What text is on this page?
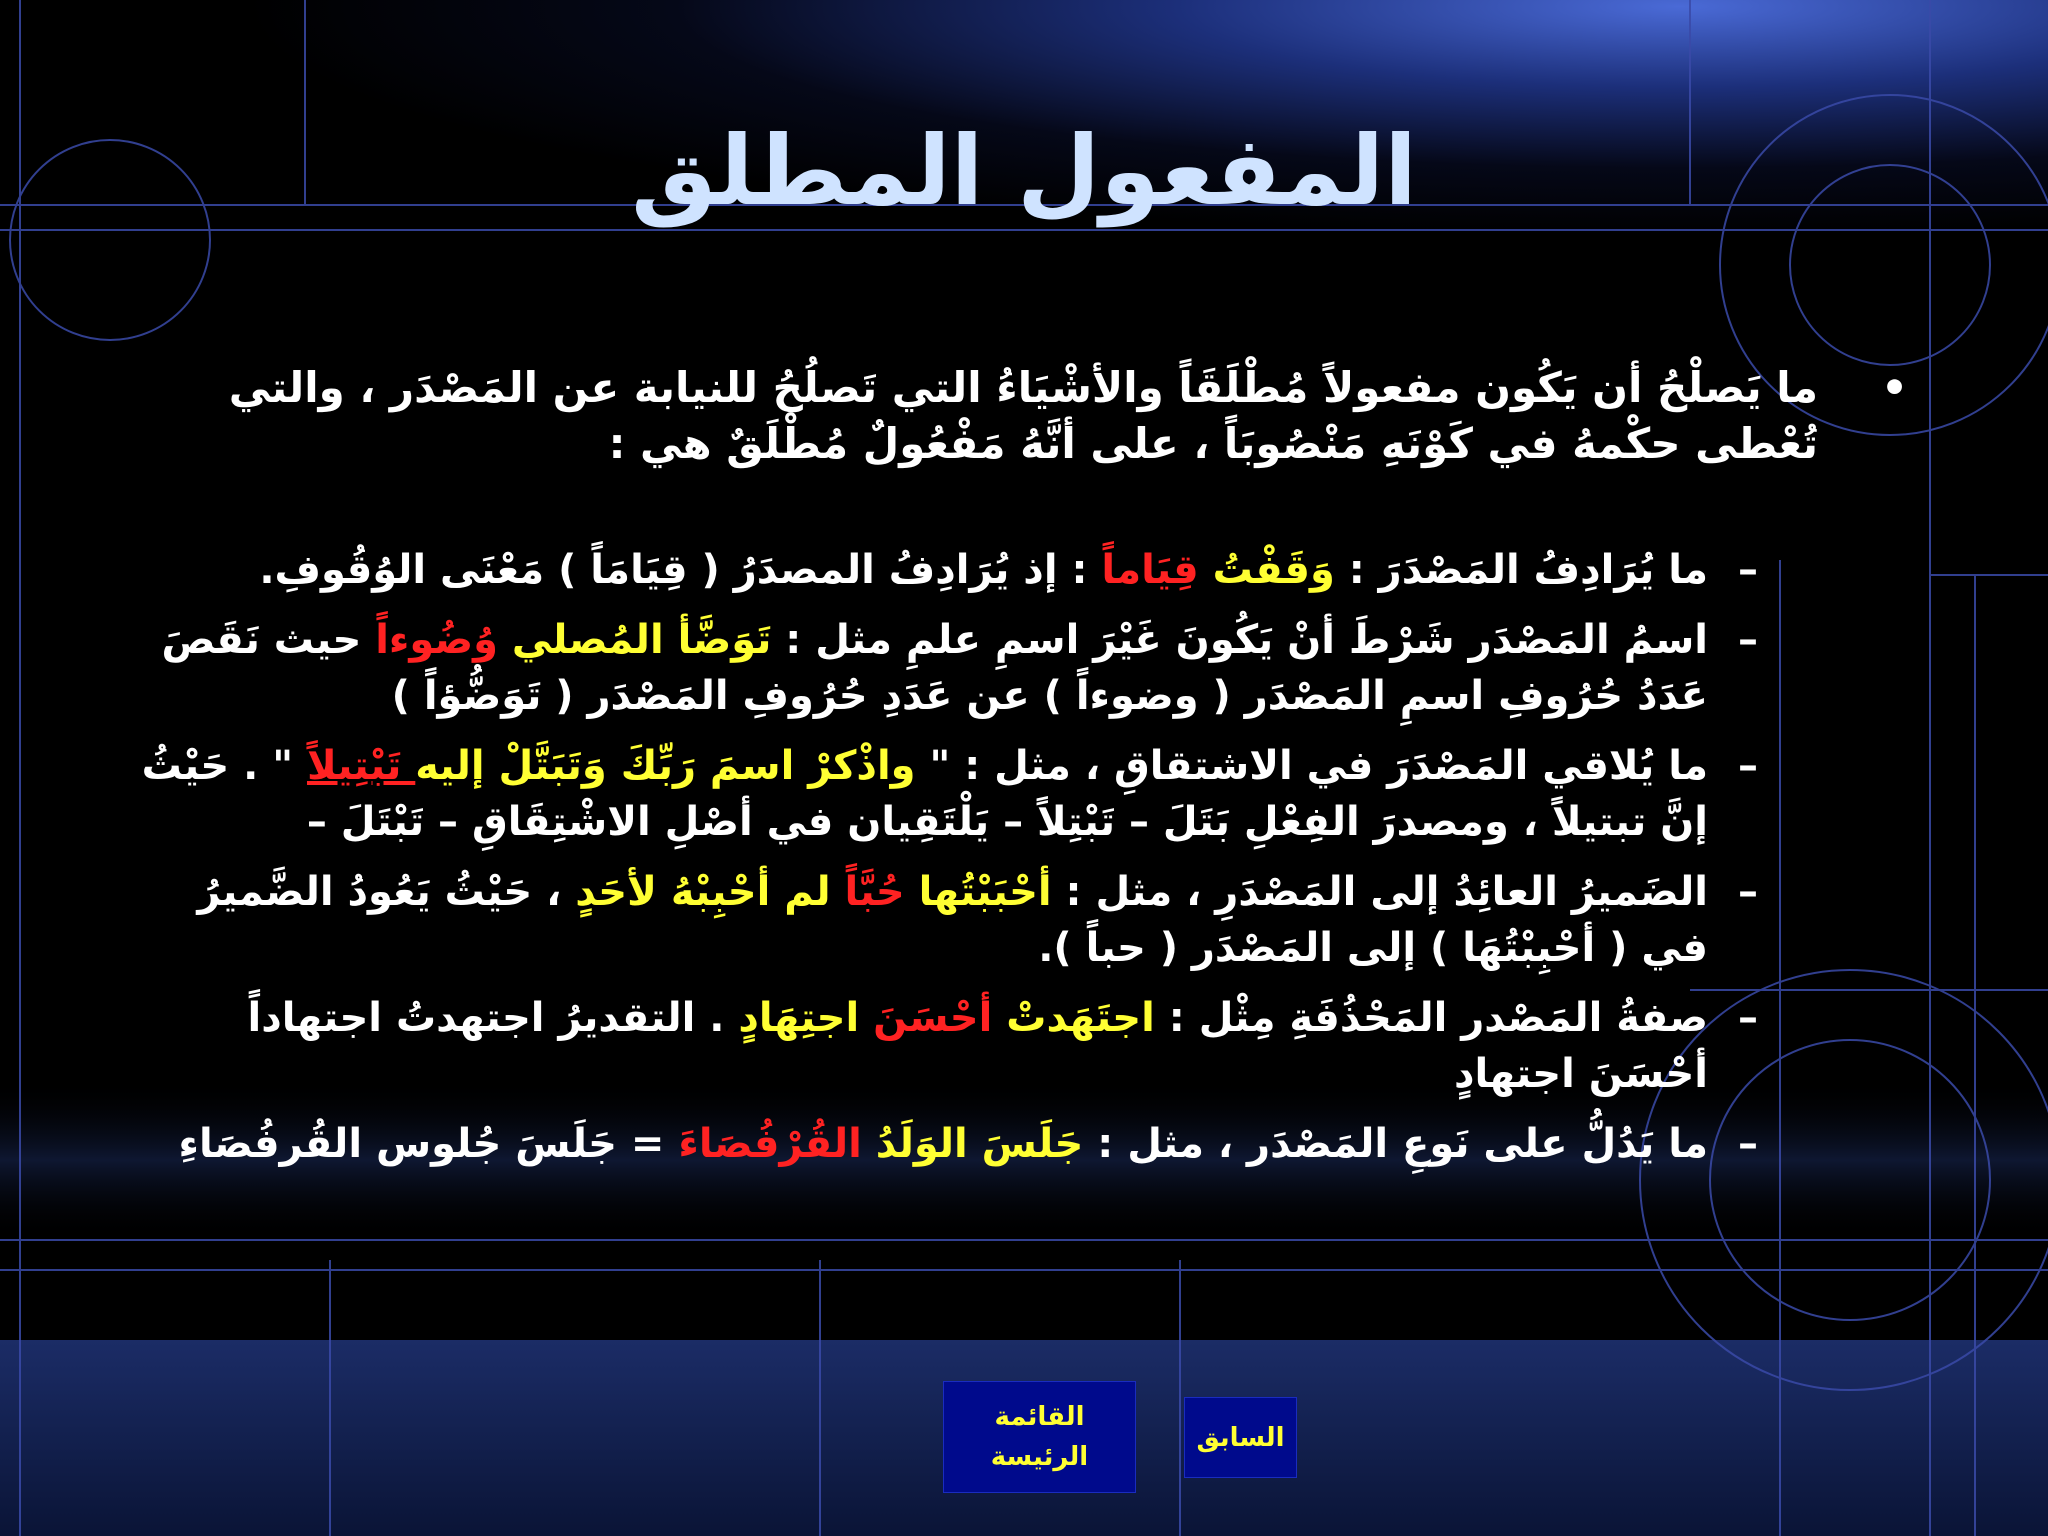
المفعول المطلق
•
ما يَصلْحُ أن يَكُون مفعولاً مُطْلَقَاً والأشْيَاءُ التي تَصلُحُ للنيابة عن المَصْدَر ، والتي تُعْطى حكْمهُ في كَوْنَهِ مَنْصُوبَاً ، على أنَّهُ مَفْعُولٌ مُطْلَقٌ هي :
–
ما يُرَادِفُ المَصْدَرَ : وَقَفْتُ قِيَاماً : إذ يُرَادِفُ المصدَرُ ( قِيَامَاً ) مَعْنَى الوُقُوفِ.
–
اسمُ المَصْدَر شَرْطَ أنْ يَكُونَ غَيْرَ اسمِ علمِ مثل : تَوَضَّأ المُصلي وُضُوءاً حيث نَقَصَ عَدَدُ حُرُوفِ اسمِ المَصْدَر ( وضوءاً ) عن عَدَدِ حُرُوفِ المَصْدَر ( تَوَضُّؤاً )
–
ما يُلاقي المَصْدَرَ في الاشتقاقِ ، مثل : " واذْكرْ اسمَ رَبِّكَ وَتَبَتَّلْ إليه تَبْتِيلاً " . حَيْثُ إنَّ تبتيلاً ، ومصدرَ الفِعْلِ بَتَلَ – تَبْتِلاً – يَلْتَقِيان في أصْلِ الاشْتِقَاقِ – تَبْتَلَ –
–
الضَميرُ العائِدُ إلى المَصْدَرِ ، مثل : أحْبَبْتُها حُبَّاً لم أحْبِبْهُ لأحَدٍ ، حَيْثُ يَعُودُ الضَّميرُ في ( أحْبِبْتُهَا ) إلى المَصْدَر ( حباً ).
–
صفةُ المَصْدر المَحْذُفَةِ مِثْل : اجتَهَدتْ أحْسَنَ اجتِهَادٍ . التقديرُ اجتهدتُ اجتهاداً أحْسَنَ اجتهادٍ
–
ما يَدُلُّ على نَوعِ المَصْدَر ، مثل : جَلَسَ الوَلَدُ القُرْفُصَاءَ = جَلَسَ جُلوس القُرفُصَاءِ
القائمة الرئيسة
السابق
